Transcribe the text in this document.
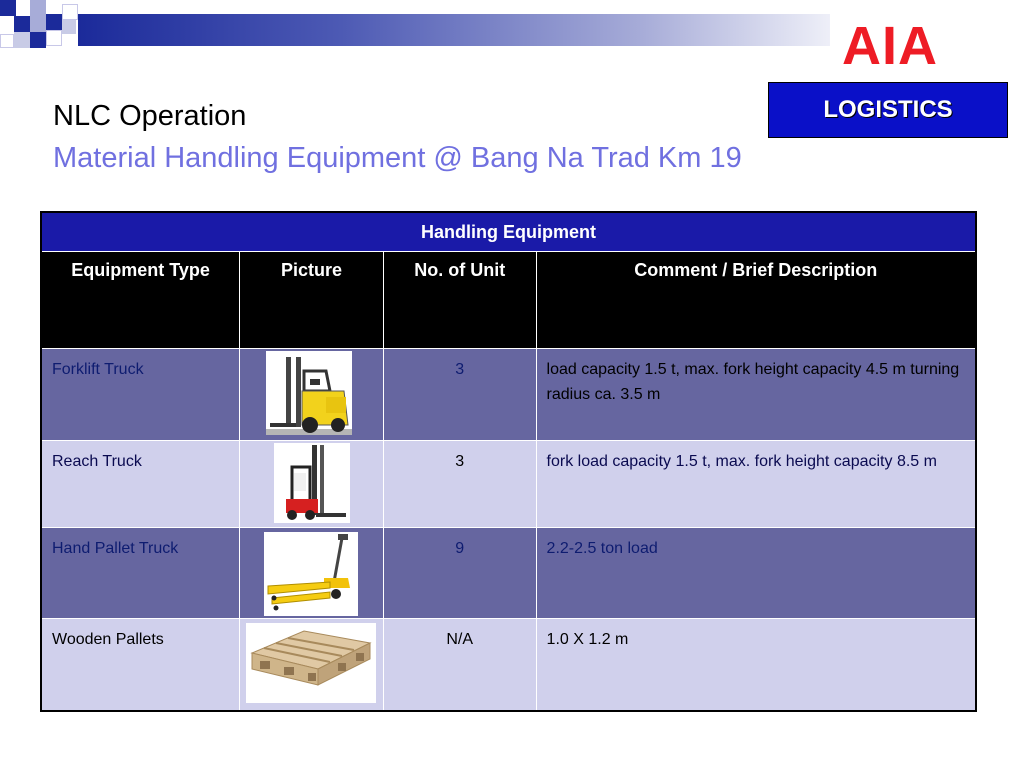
AIA
LOGISTICS
NLC Operation
Material Handling Equipment @ Bang Na Trad Km 19
Handling Equipment			
Equipment Type	Picture	No. of Unit	Comment / Brief Description
Forklift Truck		3	load capacity 1.5 t, max. fork height capacity 4.5 m turning radius ca. 3.5 m
Reach Truck		3	fork load capacity 1.5 t, max. fork height capacity 8.5 m
Hand Pallet Truck		9	2.2-2.5 ton load
Wooden Pallets		N/A	1.0 X 1.2 m
